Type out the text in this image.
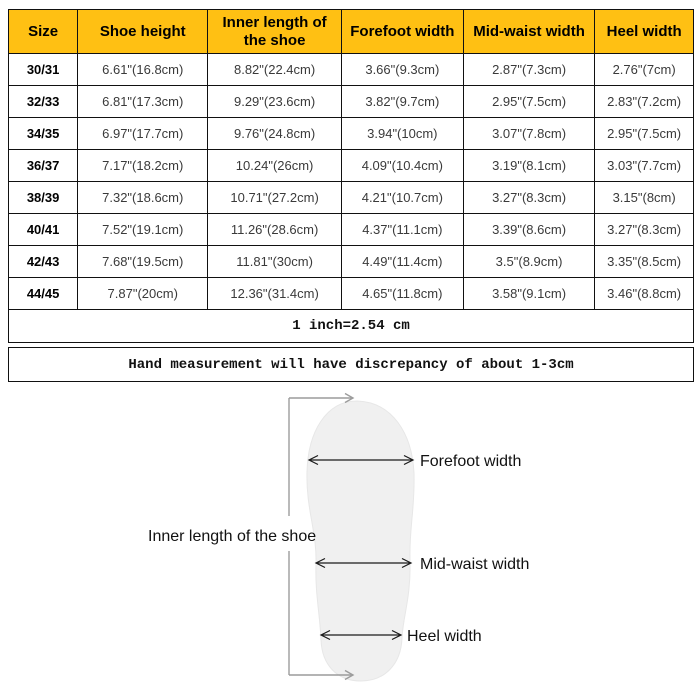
Size	Shoe height	Inner length of the shoe	Forefoot width	Mid-waist width	Heel width
30/31	6.61"(16.8cm)	8.82"(22.4cm)	3.66"(9.3cm)	2.87"(7.3cm)	2.76"(7cm)
32/33	6.81"(17.3cm)	9.29"(23.6cm)	3.82"(9.7cm)	2.95"(7.5cm)	2.83"(7.2cm)
34/35	6.97"(17.7cm)	9.76"(24.8cm)	3.94"(10cm)	3.07"(7.8cm)	2.95"(7.5cm)
36/37	7.17"(18.2cm)	10.24"(26cm)	4.09"(10.4cm)	3.19"(8.1cm)	3.03"(7.7cm)
38/39	7.32"(18.6cm)	10.71"(27.2cm)	4.21"(10.7cm)	3.27"(8.3cm)	3.15"(8cm)
40/41	7.52"(19.1cm)	11.26"(28.6cm)	4.37"(11.1cm)	3.39"(8.6cm)	3.27"(8.3cm)
42/43	7.68"(19.5cm)	11.81"(30cm)	4.49"(11.4cm)	3.5"(8.9cm)	3.35"(8.5cm)
44/45	7.87"(20cm)	12.36"(31.4cm)	4.65"(11.8cm)	3.58"(9.1cm)	3.46"(8.8cm)
1 inch=2.54 cm
Hand measurement will have discrepancy of about 1-3cm
Inner length of the shoe
Forefoot width
Mid-waist width
Heel width
